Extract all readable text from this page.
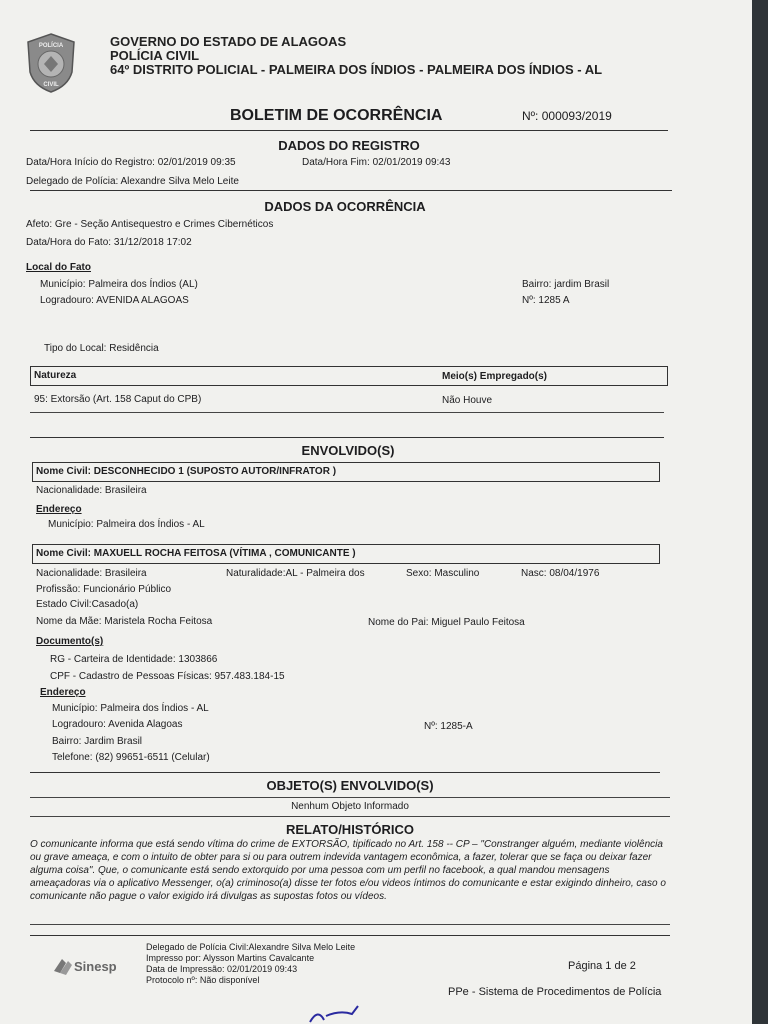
POLÍCIA
CIVIL
GOVERNO DO ESTADO DE ALAGOAS
POLÍCIA CIVIL
64º DISTRITO POLICIAL - PALMEIRA DOS ÍNDIOS - PALMEIRA DOS ÍNDIOS - AL
BOLETIM DE OCORRÊNCIA	Nº: 000093/2019
DADOS DO REGISTRO
Data/Hora Início do Registro: 02/01/2019 09:35	Data/Hora Fim: 02/01/2019 09:43
Delegado de Polícia: Alexandre Silva Melo Leite
DADOS DA OCORRÊNCIA
Afeto: Gre - Seção Antisequestro e Crimes Cibernéticos
Data/Hora do Fato: 31/12/2018 17:02
Local do Fato
Município: Palmeira dos Índios (AL)
Logradouro: AVENIDA ALAGOAS
Bairro: jardim Brasil
Nº: 1285 A
Tipo do Local: Residência
Natureza	Meio(s) Empregado(s)
95: Extorsão (Art. 158 Caput do CPB)	Não Houve
ENVOLVIDO(S)
Nome Civil: DESCONHECIDO 1 (SUPOSTO AUTOR/INFRATOR )
Nacionalidade: Brasileira
Endereço
Município: Palmeira dos Índios - AL
Nome Civil: MAXUELL ROCHA FEITOSA (VÍTIMA , COMUNICANTE )
Nacionalidade: Brasileira	Naturalidade:AL - Palmeira dos	Sexo: Masculino	Nasc: 08/04/1976
Profissão: Funcionário Público
Estado Civil:Casado(a)
Nome da Mãe: Maristela Rocha Feitosa	Nome do Pai: Miguel Paulo Feitosa
Documento(s)
RG - Carteira de Identidade: 1303866
CPF - Cadastro de Pessoas Físicas: 957.483.184-15
Endereço
Município: Palmeira dos Índios - AL
Logradouro: Avenida Alagoas	Nº: 1285-A
Bairro: Jardim Brasil
Telefone: (82) 99651-6511 (Celular)
OBJETO(S) ENVOLVIDO(S)
Nenhum Objeto Informado
RELATO/HISTÓRICO
O comunicante informa que está sendo vítima do crime de EXTORSÃO, tipificado no Art. 158 -- CP – "Constranger alguém, mediante violência ou grave ameaça, e com o intuito de obter para si ou para outrem indevida vantagem econômica, a fazer, tolerar que se faça ou deixar fazer alguma coisa". Que, o comunicante está sendo extorquido por uma pessoa com um perfil no facebook, a qual mandou mensagens ameaçadoras via o aplicativo Messenger, o(a) criminoso(a) disse ter fotos e/ou videos íntimos do comunicante e estar exigindo dinheiro, caso o comunicante não pague o valor exigido irá divulgas as supostas fotos ou vídeos.
Sinesp
Delegado de Polícia Civil:Alexandre Silva Melo Leite
Impresso por: Alysson Martins Cavalcante
Data de Impressão: 02/01/2019 09:43
Protocolo nº: Não disponível
Página 1 de 2
PPe - Sistema de Procedimentos de Polícia
